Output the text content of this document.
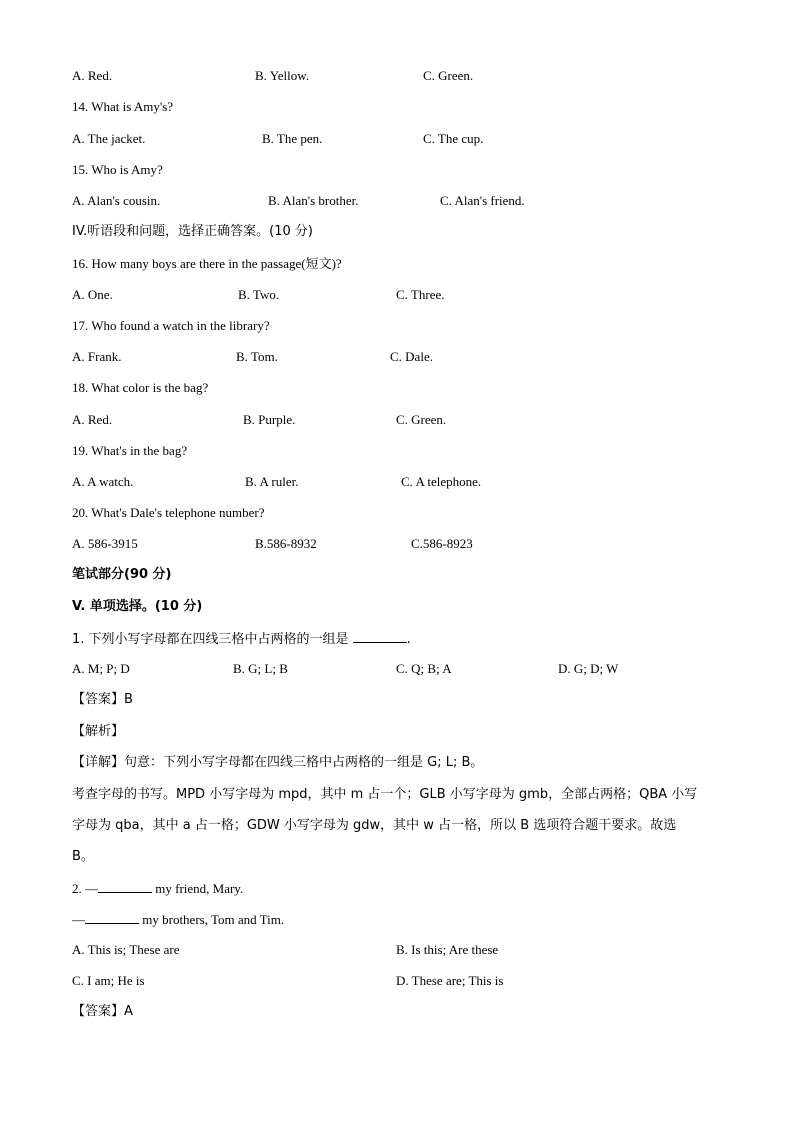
A. Red.	B. Yellow.	C. Green.
14. What is Amy's?
A. The jacket.	B. The pen.	C. The cup.
15. Who is Amy?
A. Alan's cousin.	B. Alan's brother.	C. Alan's friend.
IV.听语段和问题，选择正确答案。(10 分)
16. How many boys are there in the passage(短文)?
A. One.	B. Two.	C. Three.
17. Who found a watch in the library?
A. Frank.	B. Tom.	C. Dale.
18. What color is the bag?
A. Red.	B. Purple.	C. Green.
19. What's in the bag?
A. A watch.	B. A ruler.	C. A telephone.
20. What's Dale's telephone number?
A. 586-3915	B.586-8932	C.586-8923
笔试部分(90 分)
V. 单项选择。(10 分)
1. 下列小写字母都在四线三格中占两格的一组是	.
A. M; P; D	B. G; L; B	C. Q; B; A	D. G; D; W
【答案】B
【解析】
【详解】句意：下列小写字母都在四线三格中占两格的一组是 G; L; B。
考查字母的书写。MPD 小写字母为 mpd，其中 m 占一个；GLB 小写字母为 gmb，全部占两格；QBA 小写
字母为 qba，其中 a 占一格；GDW 小写字母为 gdw，其中 w 占一格，所以 B 选项符合题干要求。故选
B。
2. —	my friend, Mary.
—	my brothers, Tom and Tim.
A. This is; These are	B. Is this; Are these
C. I am; He is	D. These are; This is
【答案】A
